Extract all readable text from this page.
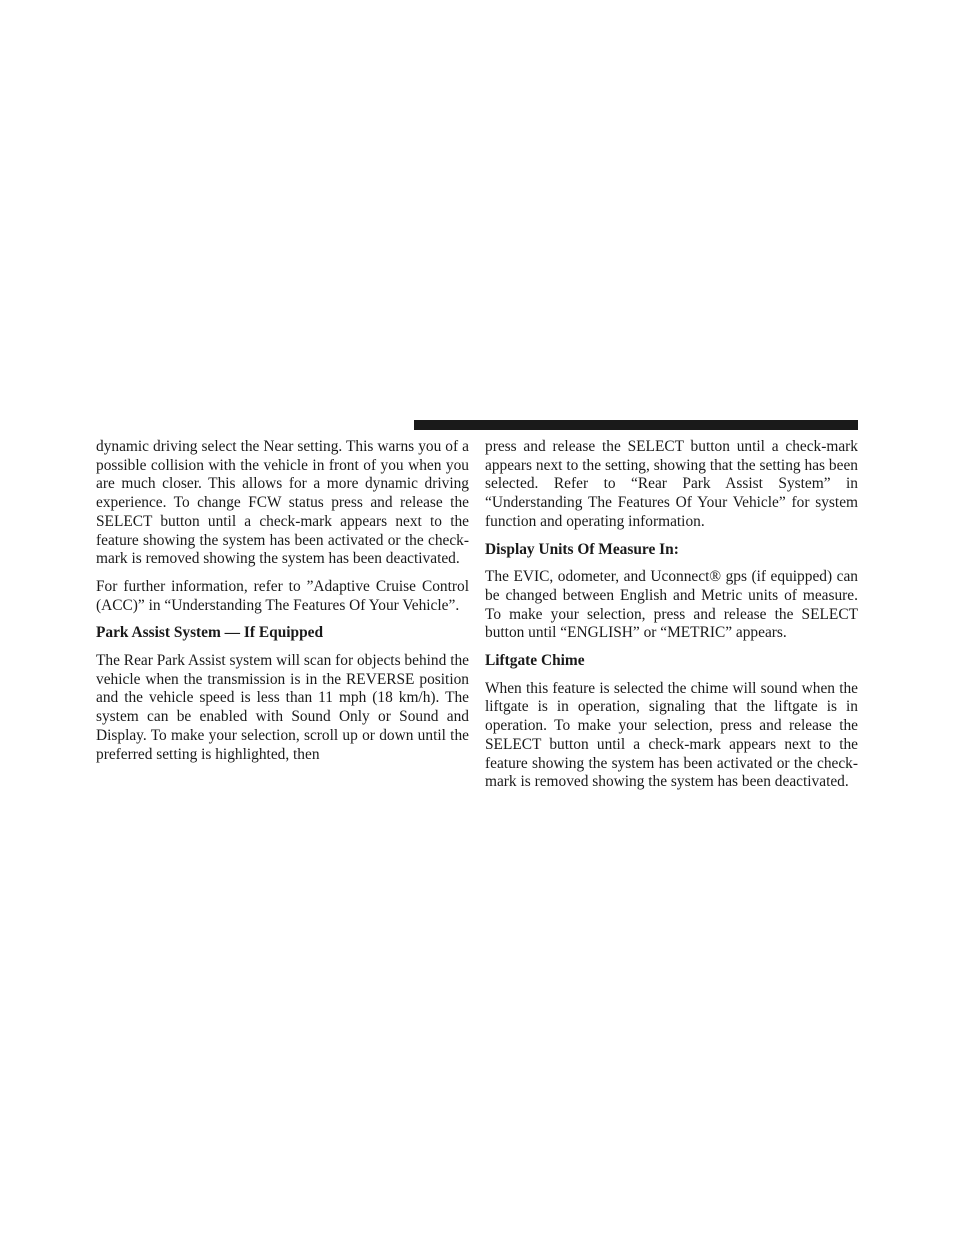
dynamic driving select the Near setting. This warns you of a possible collision with the vehicle in front of you when you are much closer. This allows for a more dynamic driving experience. To change FCW status press and release the SELECT button until a check-mark appears next to the feature showing the system has been activated or the check-mark is removed showing the system has been deactivated.

For further information, refer to ”Adaptive Cruise Control (ACC)” in “Understanding The Features Of Your Vehicle”.

Park Assist System — If Equipped

The Rear Park Assist system will scan for objects behind the vehicle when the transmission is in the REVERSE position and the vehicle speed is less than 11 mph (18 km/h). The system can be enabled with Sound Only or Sound and Display. To make your selection, scroll up or down until the preferred setting is highlighted, then

press and release the SELECT button until a check-mark appears next to the setting, showing that the setting has been selected. Refer to “Rear Park Assist System” in “Understanding The Features Of Your Vehicle” for system function and operating information.

Display Units Of Measure In:

The EVIC, odometer, and Uconnect® gps (if equipped) can be changed between English and Metric units of measure. To make your selection, press and release the SELECT button until “ENGLISH” or “METRIC” appears.

Liftgate Chime

When this feature is selected the chime will sound when the liftgate is in operation, signaling that the liftgate is in operation. To make your selection, press and release the SELECT button until a check-mark appears next to the feature showing the system has been activated or the check-mark is removed showing the system has been deactivated.
